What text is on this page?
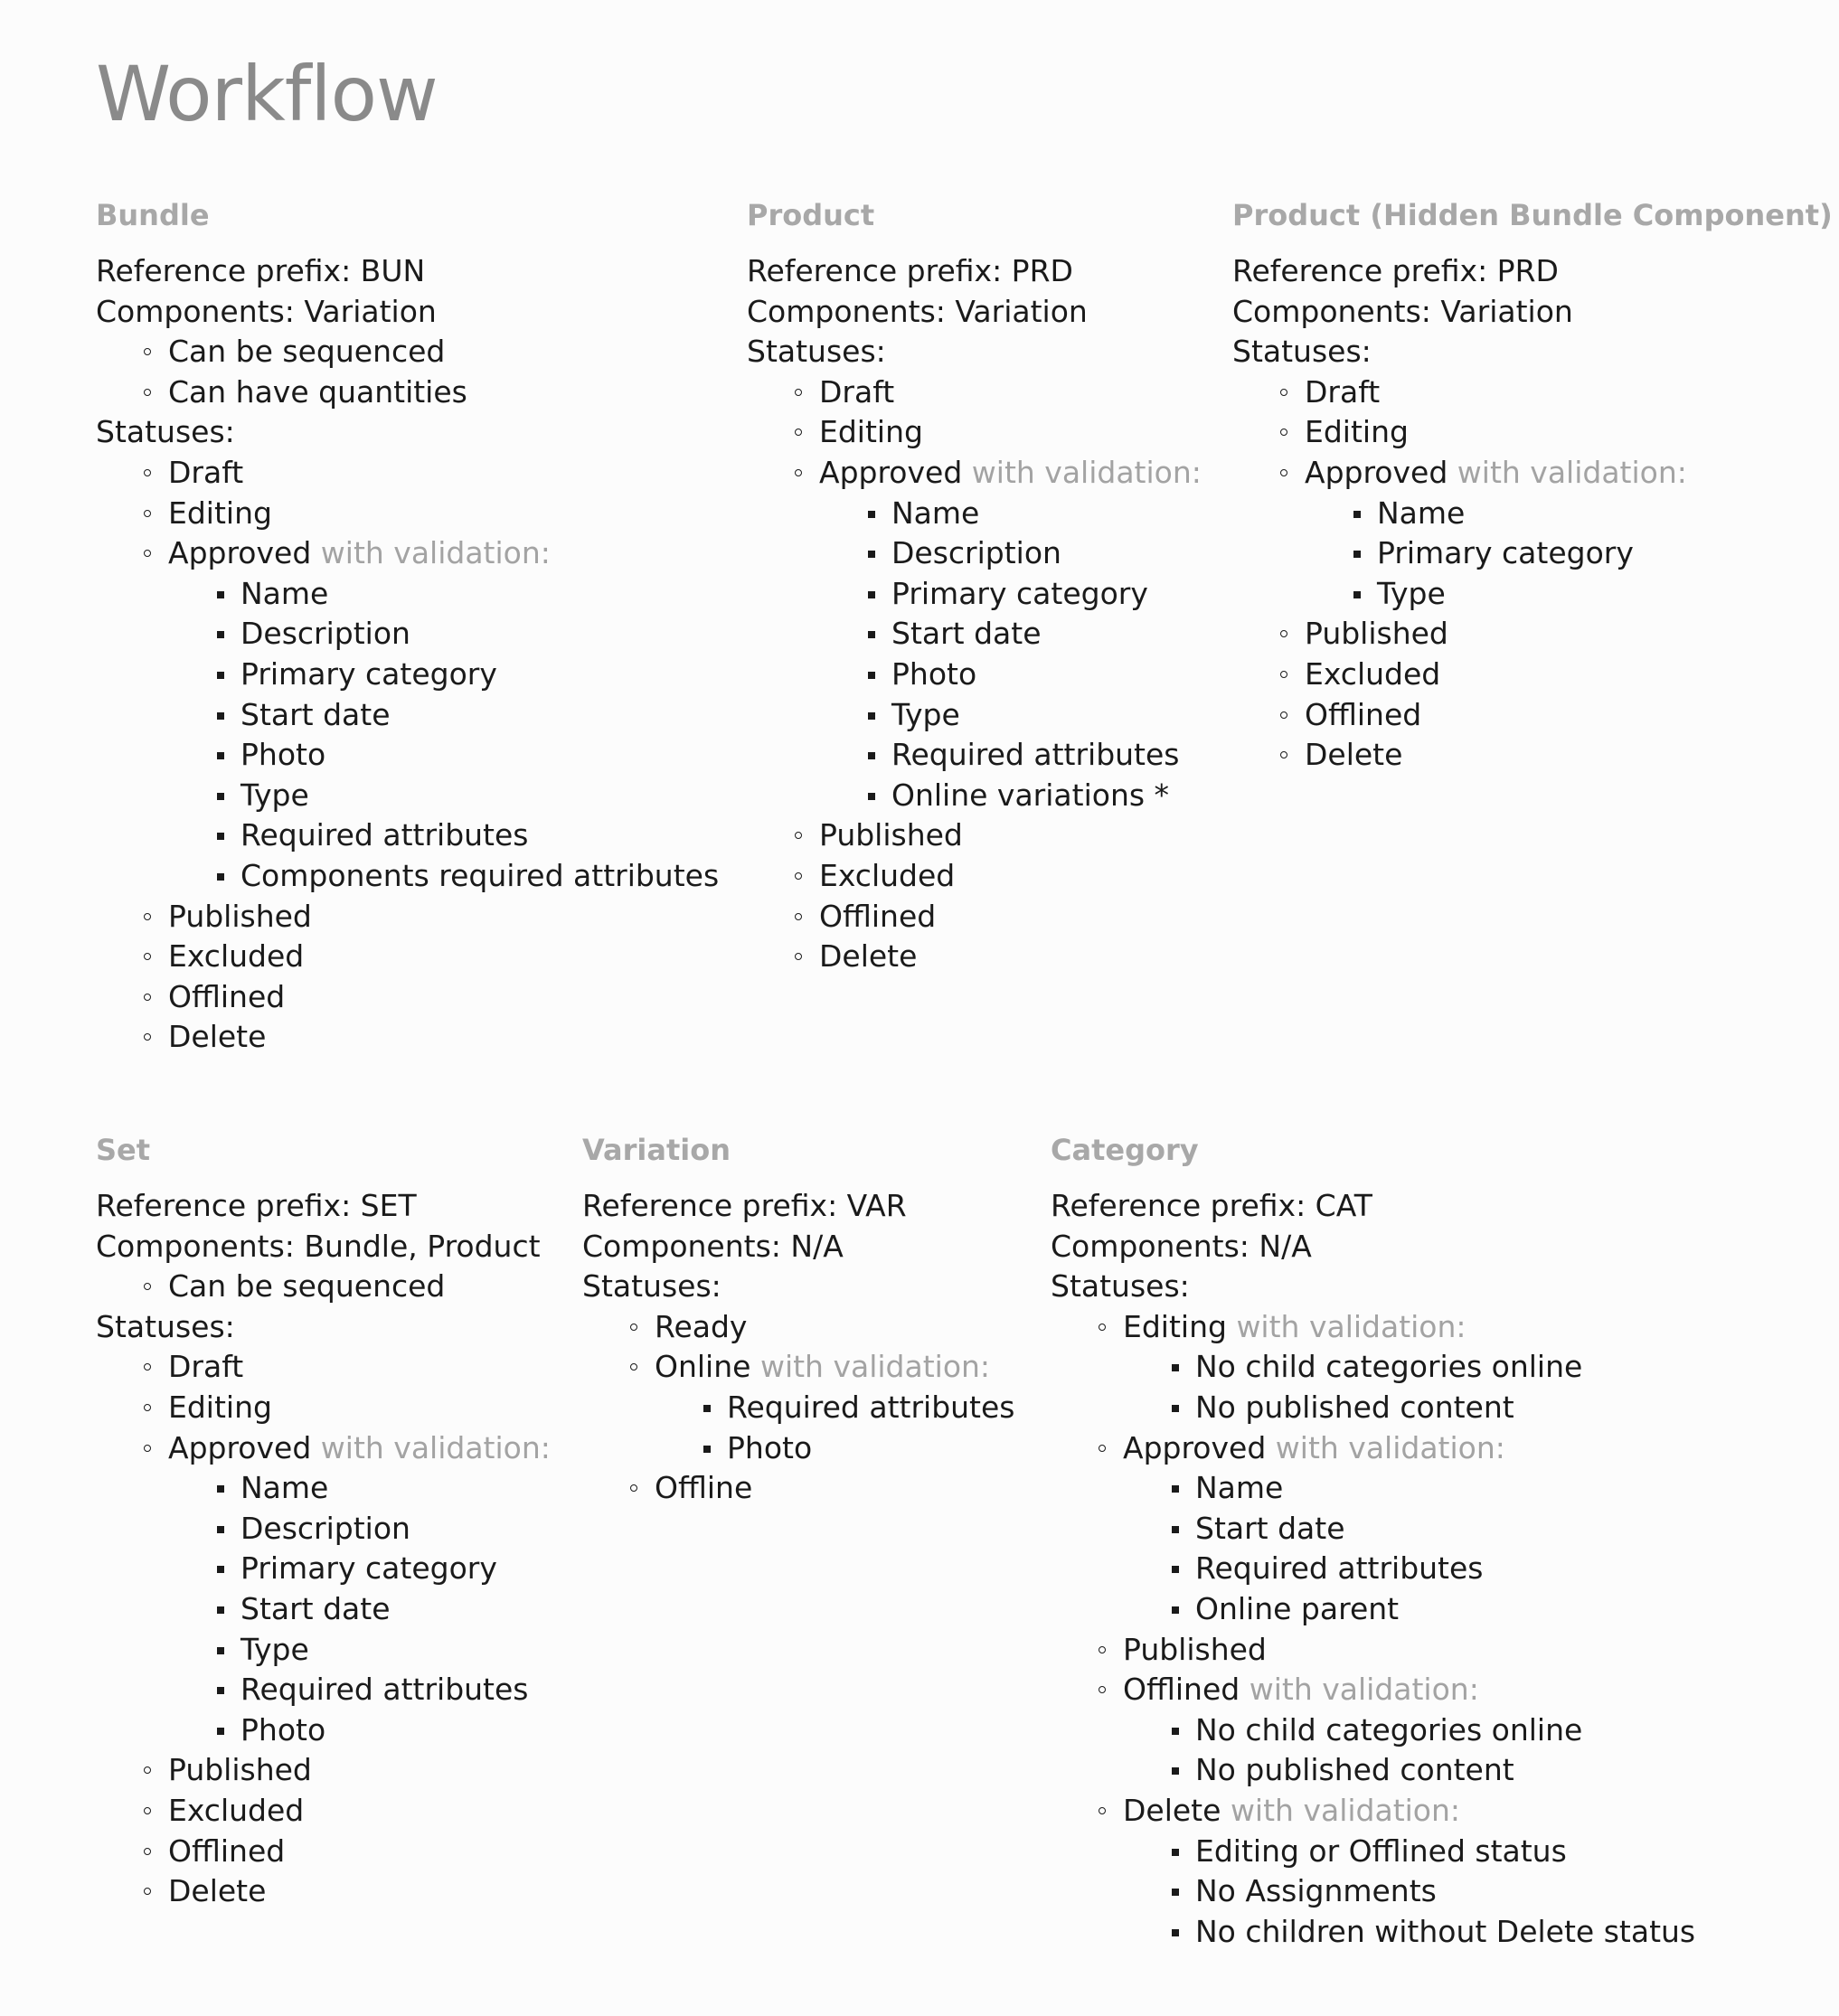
Workflow
Bundle
Reference prefix: BUN
Components: Variation
Can be sequenced
Can have quantities
Statuses:
Draft
Editing
Approved with validation:
Name
Description
Primary category
Start date
Photo
Type
Required attributes
Components required attributes
Published
Excluded
Offlined
Delete
Product
Reference prefix: PRD
Components: Variation
Statuses:
Draft
Editing
Approved with validation:
Name
Description
Primary category
Start date
Photo
Type
Required attributes
Online variations *
Published
Excluded
Offlined
Delete
Product (Hidden Bundle Component)
Reference prefix: PRD
Components: Variation
Statuses:
Draft
Editing
Approved with validation:
Name
Primary category
Type
Published
Excluded
Offlined
Delete
Set
Reference prefix: SET
Components: Bundle, Product
Can be sequenced
Statuses:
Draft
Editing
Approved with validation:
Name
Description
Primary category
Start date
Type
Required attributes
Photo
Published
Excluded
Offlined
Delete
Variation
Reference prefix: VAR
Components: N/A
Statuses:
Ready
Online with validation:
Required attributes
Photo
Offline
Category
Reference prefix: CAT
Components: N/A
Statuses:
Editing with validation:
No child categories online
No published content
Approved with validation:
Name
Start date
Required attributes
Online parent
Published
Offlined with validation:
No child categories online
No published content
Delete with validation:
Editing or Offlined status
No Assignments
No children without Delete status
